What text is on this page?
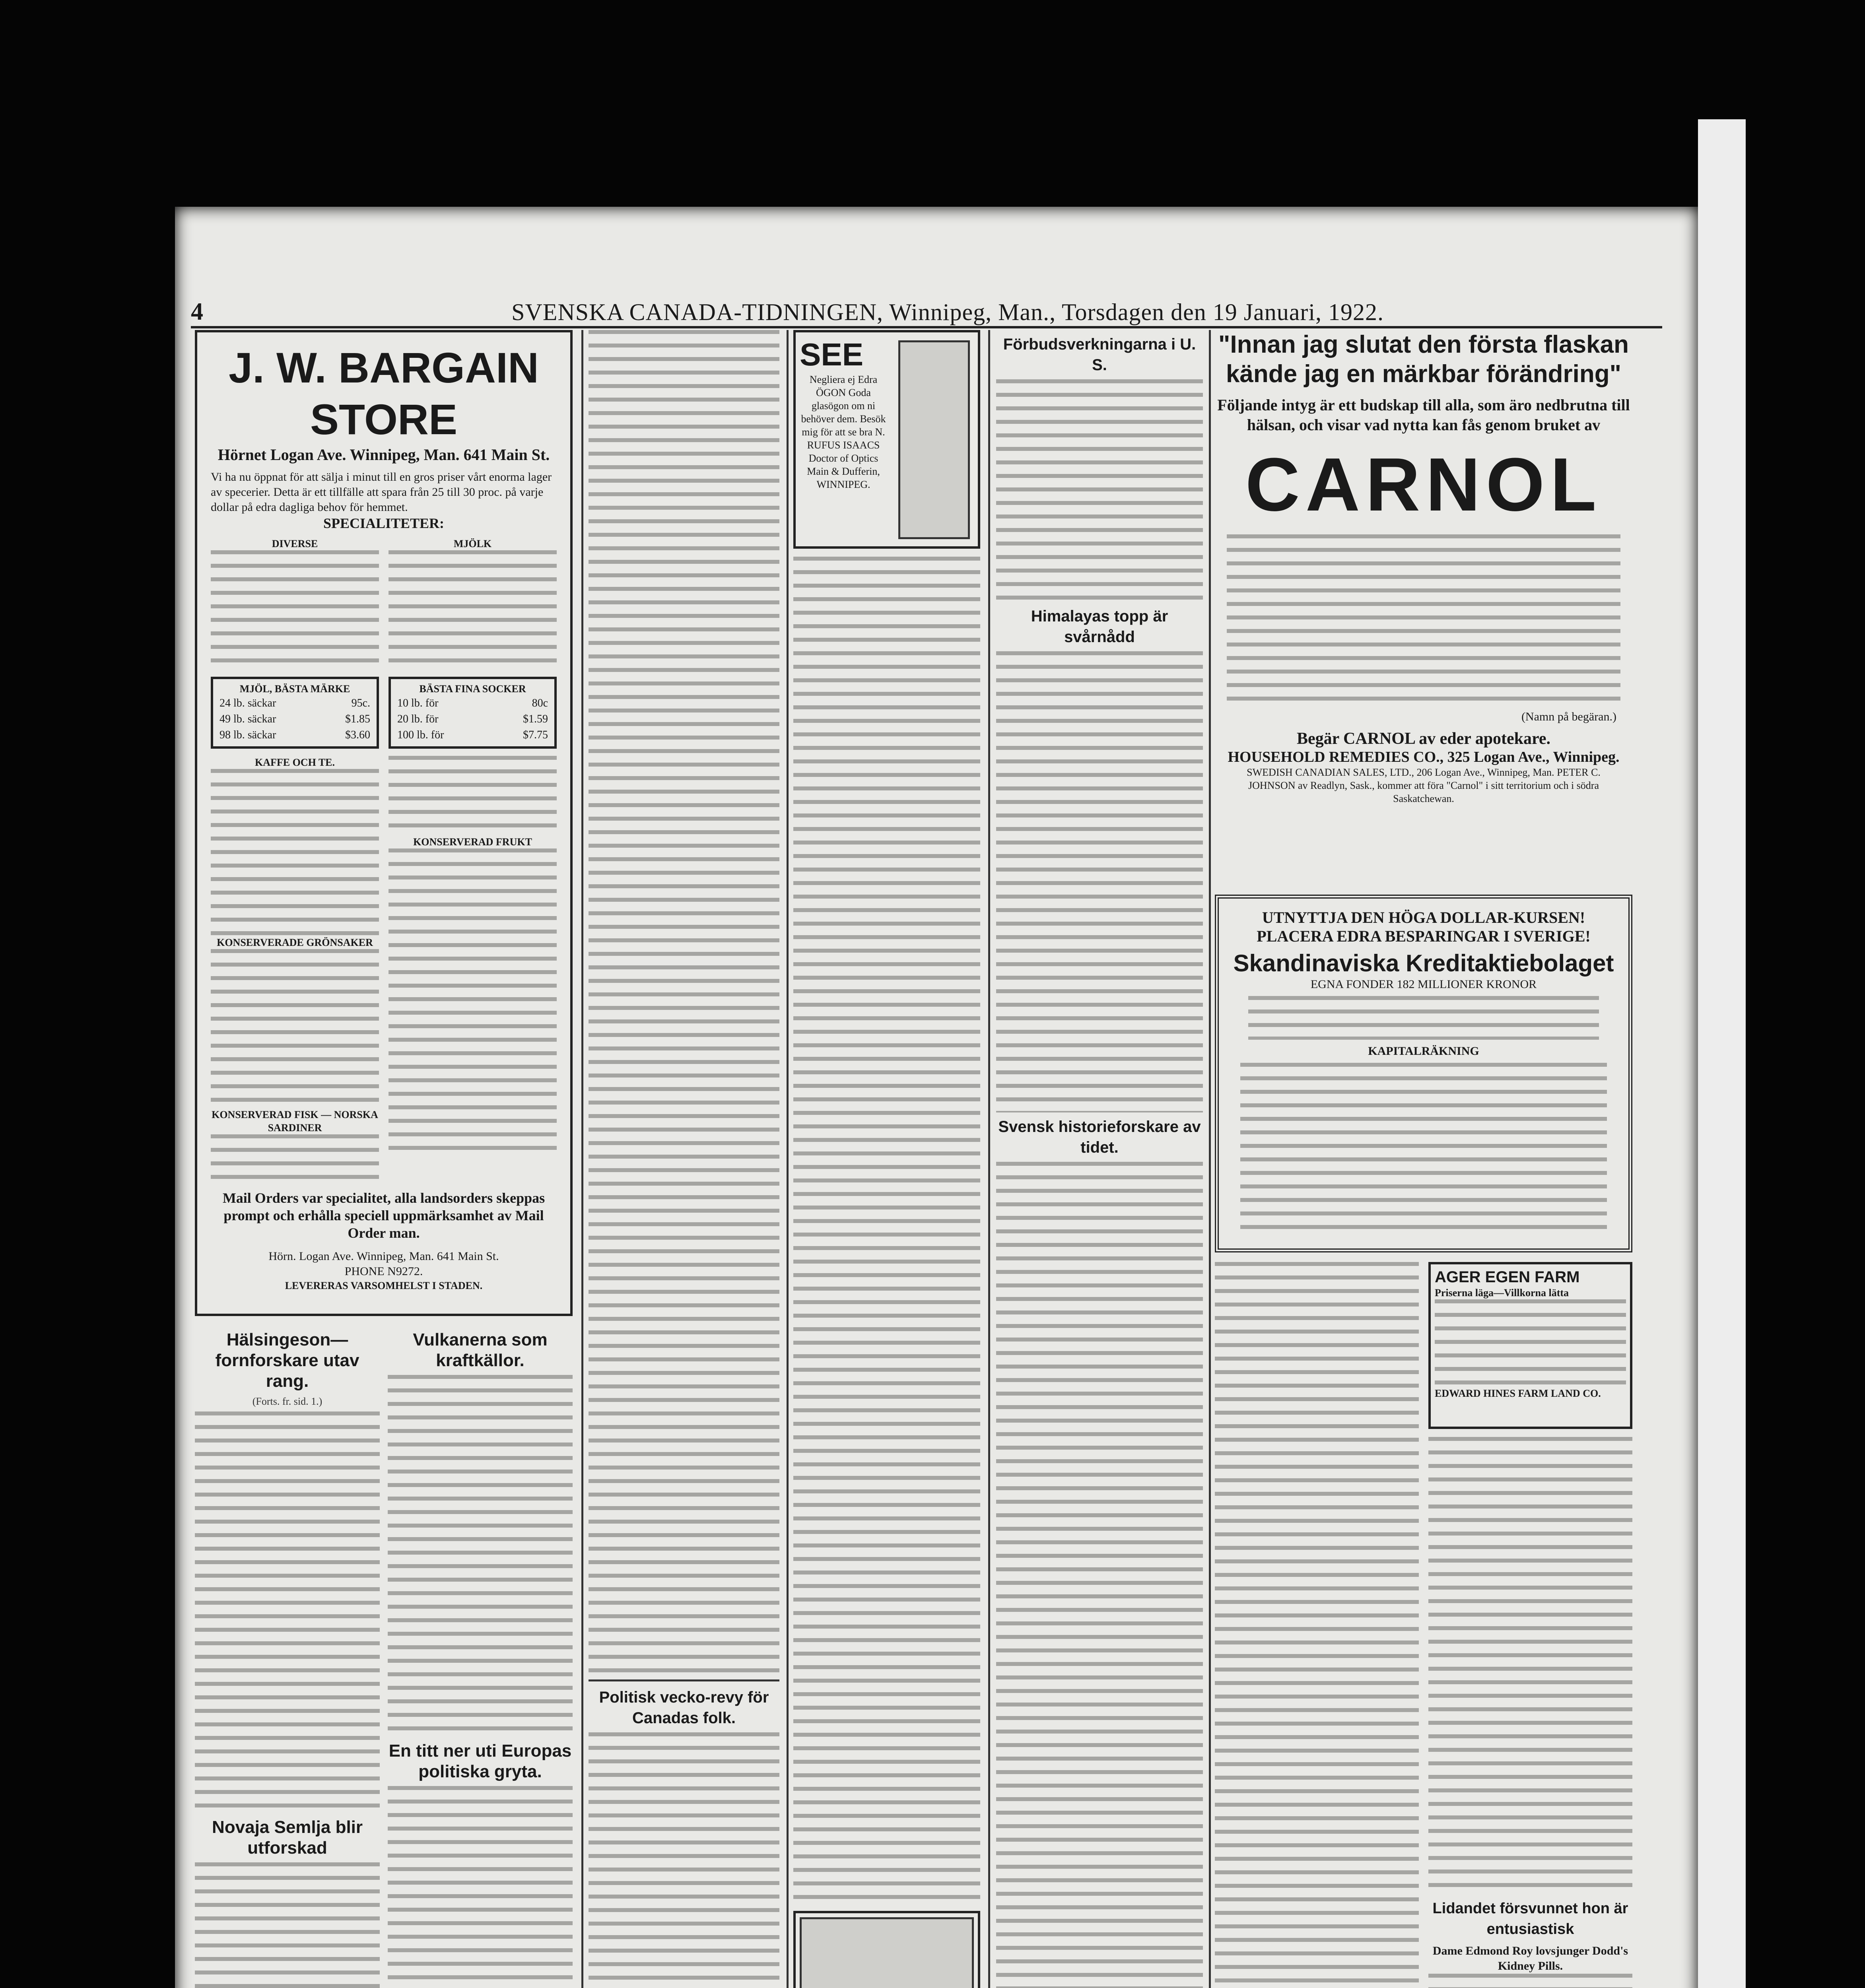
4	SVENSKA CANADA-TIDNINGEN, Winnipeg, Man., Torsdagen den 19 Januari, 1922.
J. W. BARGAIN STORE
Hörnet Logan Ave. Winnipeg, Man. 641 Main St.
Vi ha nu öppnat för att sälja i minut till en gros priser vårt enorma lager av specerier. Detta är ett tillfälle att spara från 25 till 30 proc. på varje dollar på edra dagliga behov för hemmet.
SPECIALITETER:
DIVERSE	MJÖLK
MJÖL, BÄSTA MÄRKE
24 lb. säckar	95c.
49 lb. säckar	$1.85
98 lb. säckar	$3.60
BÄSTA FINA SOCKER
10 lb. för	80c
20 lb. för	$1.59
100 lb. för	$7.75
KAFFE OCH TE.
KONSERVERADE GRÖNSAKER
KONSERVERAD FISK — NORSKA SARDINER
KONSERVERAD FRUKT
Mail Orders var specialitet, alla landsorders skeppas prompt och erhålla speciell uppmärksamhet av Mail Order man.
Hörn. Logan Ave. Winnipeg, Man. 641 Main St.
PHONE N9272.
LEVERERAS VARSOMHELST I STADEN.
Hälsingeson—fornforskare utav rang.
(Forts. fr. sid. 1.)
Novaja Semlja blir utforskad
Vulkanerna som kraftkällor.
En titt ner uti Europas politiska gryta.
Politisk vecko-revy för Canadas folk.
SEE
Negliera ej Edra ÖGON Goda glasögon om ni behöver dem. Besök mig för att se bra N. RUFUS ISAACS Doctor of Optics Main & Dufferin, WINNIPEG.
Förbudsverkningarna i U. S.
Himalayas topp är svårnådd
Svensk historieforskare av tidet.
"Innan jag slutat den första flaskan kände jag en märkbar förändring"
Följande intyg är ett budskap till alla, som äro nedbrutna till hälsan, och visar vad nytta kan fås genom bruket av
CARNOL
(Namn på begäran.)
Begär CARNOL av eder apotekare.
HOUSEHOLD REMEDIES CO., 325 Logan Ave., Winnipeg.
SWEDISH CANADIAN SALES, LTD., 206 Logan Ave., Winnipeg, Man. PETER C. JOHNSON av Readlyn, Sask., kommer att föra "Carnol" i sitt territorium och i södra Saskatchewan.
UTNYTTJA DEN HÖGA DOLLAR-KURSEN!
PLACERA EDRA BESPARINGAR I SVERIGE!
Skandinaviska Kreditaktiebolaget
EGNA FONDER 182 MILLIONER KRONOR
KAPITALRÄKNING
AGER EGEN FARM
Priserna läga—Villkorna lätta
EDWARD HINES FARM LAND CO.
Lidandet försvunnet hon är entusiastisk
Dame Edmond Roy lovsjunger Dodd's Kidney Pills.
